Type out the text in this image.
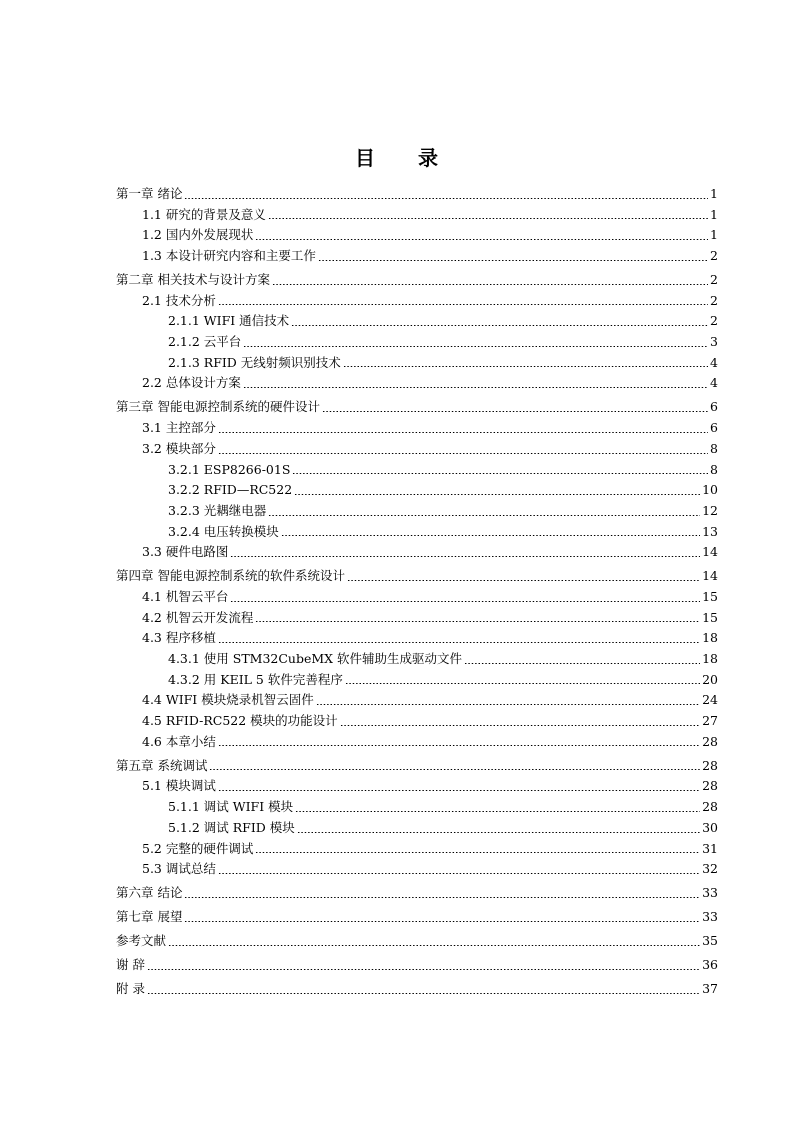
目 录
第一章 绪论	1
1.1 研究的背景及意义	1
1.2 国内外发展现状	1
1.3 本设计研究内容和主要工作	2
第二章 相关技术与设计方案	2
2.1 技术分析	2
2.1.1 WIFI 通信技术	2
2.1.2 云平台	3
2.1.3 RFID 无线射频识别技术	4
2.2 总体设计方案	4
第三章 智能电源控制系统的硬件设计	6
3.1 主控部分	6
3.2 模块部分	8
3.2.1 ESP8266-01S	8
3.2.2 RFID—RC522	10
3.2.3 光耦继电器	12
3.2.4 电压转换模块	13
3.3 硬件电路图	14
第四章 智能电源控制系统的软件系统设计	14
4.1 机智云平台	15
4.2 机智云开发流程	15
4.3 程序移植	18
4.3.1 使用 STM32CubeMX 软件辅助生成驱动文件	18
4.3.2 用 KEIL 5 软件完善程序	20
4.4 WIFI 模块烧录机智云固件	24
4.5 RFID-RC522 模块的功能设计	27
4.6 本章小结	28
第五章 系统调试	28
5.1 模块调试	28
5.1.1 调试 WIFI 模块	28
5.1.2 调试 RFID 模块	30
5.2 完整的硬件调试	31
5.3 调试总结	32
第六章 结论	33
第七章 展望	33
参考文献	35
谢 辞	36
附 录	37
